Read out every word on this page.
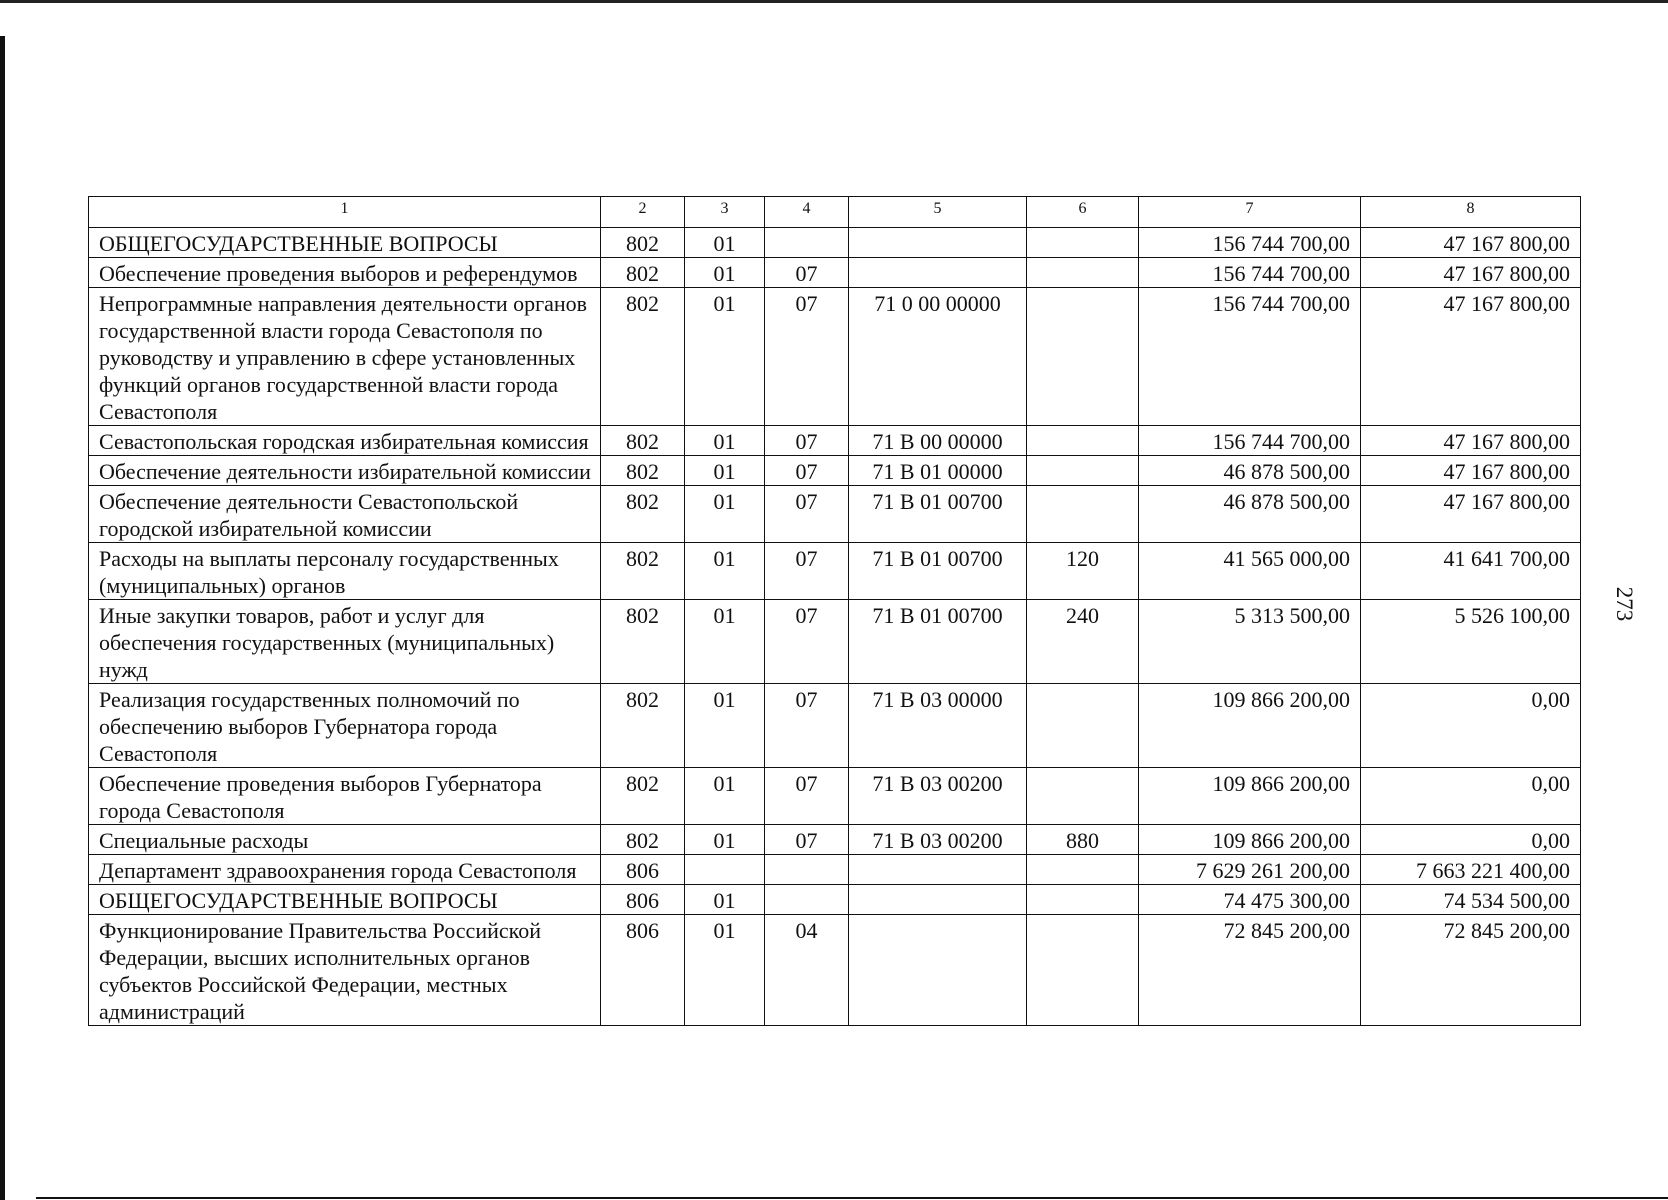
273
1	2	3	4	5	6	7	8
ОБЩЕГОСУДАРСТВЕННЫЕ ВОПРОСЫ	802	01				156 744 700,00	47 167 800,00
Обеспечение проведения выборов и референдумов	802	01	07			156 744 700,00	47 167 800,00
Непрограммные направления деятельности органов государственной власти города Севастополя по руководству и управлению в сфере установленных функций органов государственной власти города Севастополя	802	01	07	71 0 00 00000		156 744 700,00	47 167 800,00
Севастопольская городская избирательная комиссия	802	01	07	71 В 00 00000		156 744 700,00	47 167 800,00
Обеспечение деятельности избирательной комиссии	802	01	07	71 В 01 00000		46 878 500,00	47 167 800,00
Обеспечение деятельности Севастопольской городской избирательной комиссии	802	01	07	71 В 01 00700		46 878 500,00	47 167 800,00
Расходы на выплаты персоналу государственных (муниципальных) органов	802	01	07	71 В 01 00700	120	41 565 000,00	41 641 700,00
Иные закупки товаров, работ и услуг для обеспечения государственных (муниципальных) нужд	802	01	07	71 В 01 00700	240	5 313 500,00	5 526 100,00
Реализация государственных полномочий по обеспечению выборов Губернатора города Севастополя	802	01	07	71 В 03 00000		109 866 200,00	0,00
Обеспечение проведения выборов Губернатора города Севастополя	802	01	07	71 В 03 00200		109 866 200,00	0,00
Специальные расходы	802	01	07	71 В 03 00200	880	109 866 200,00	0,00
Департамент здравоохранения города Севастополя	806					7 629 261 200,00	7 663 221 400,00
ОБЩЕГОСУДАРСТВЕННЫЕ ВОПРОСЫ	806	01				74 475 300,00	74 534 500,00
Функционирование Правительства Российской Федерации, высших исполнительных органов субъектов Российской Федерации, местных администраций	806	01	04			72 845 200,00	72 845 200,00
